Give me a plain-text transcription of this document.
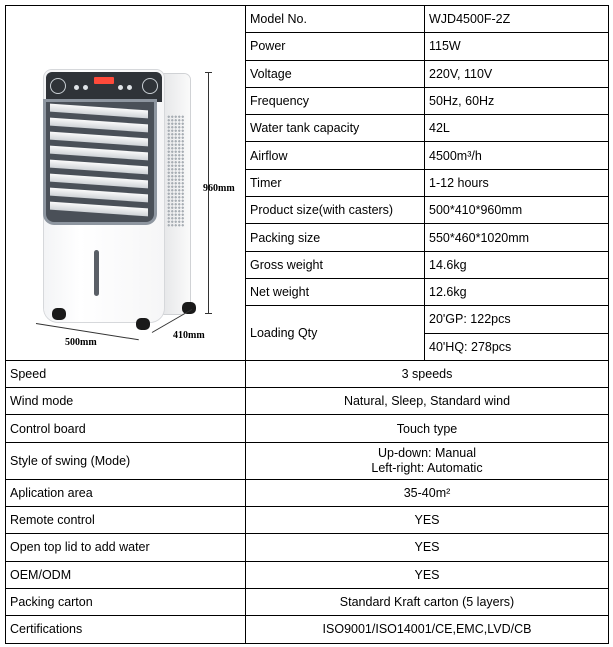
960mm
500mm
410mm	Model No.	WJD4500F-2Z
	Power	115W
	Voltage	220V, 110V
	Frequency	50Hz, 60Hz
	Water tank capacity	42L
	Airflow	4500m³/h
	Timer	1-12 hours
	Product size(with casters)	500*410*960mm
	Packing size	550*460*1020mm
	Gross weight	14.6kg
	Net weight	12.6kg
	Loading Qty	20'GP: 122pcs
		40'HQ: 278pcs
Speed	3 speeds	
Wind mode	Natural, Sleep, Standard wind	
Control board	Touch type	
Style of swing (Mode)	Up-down: Manual
Left-right: Automatic	

Aplication area	35-40m²	
Remote control	YES	
Open top lid to add water	YES	
OEM/ODM	YES	
Packing carton	Standard Kraft carton (5 layers)	
Certifications	ISO9001/ISO14001/CE,EMC,LVD/CB	
